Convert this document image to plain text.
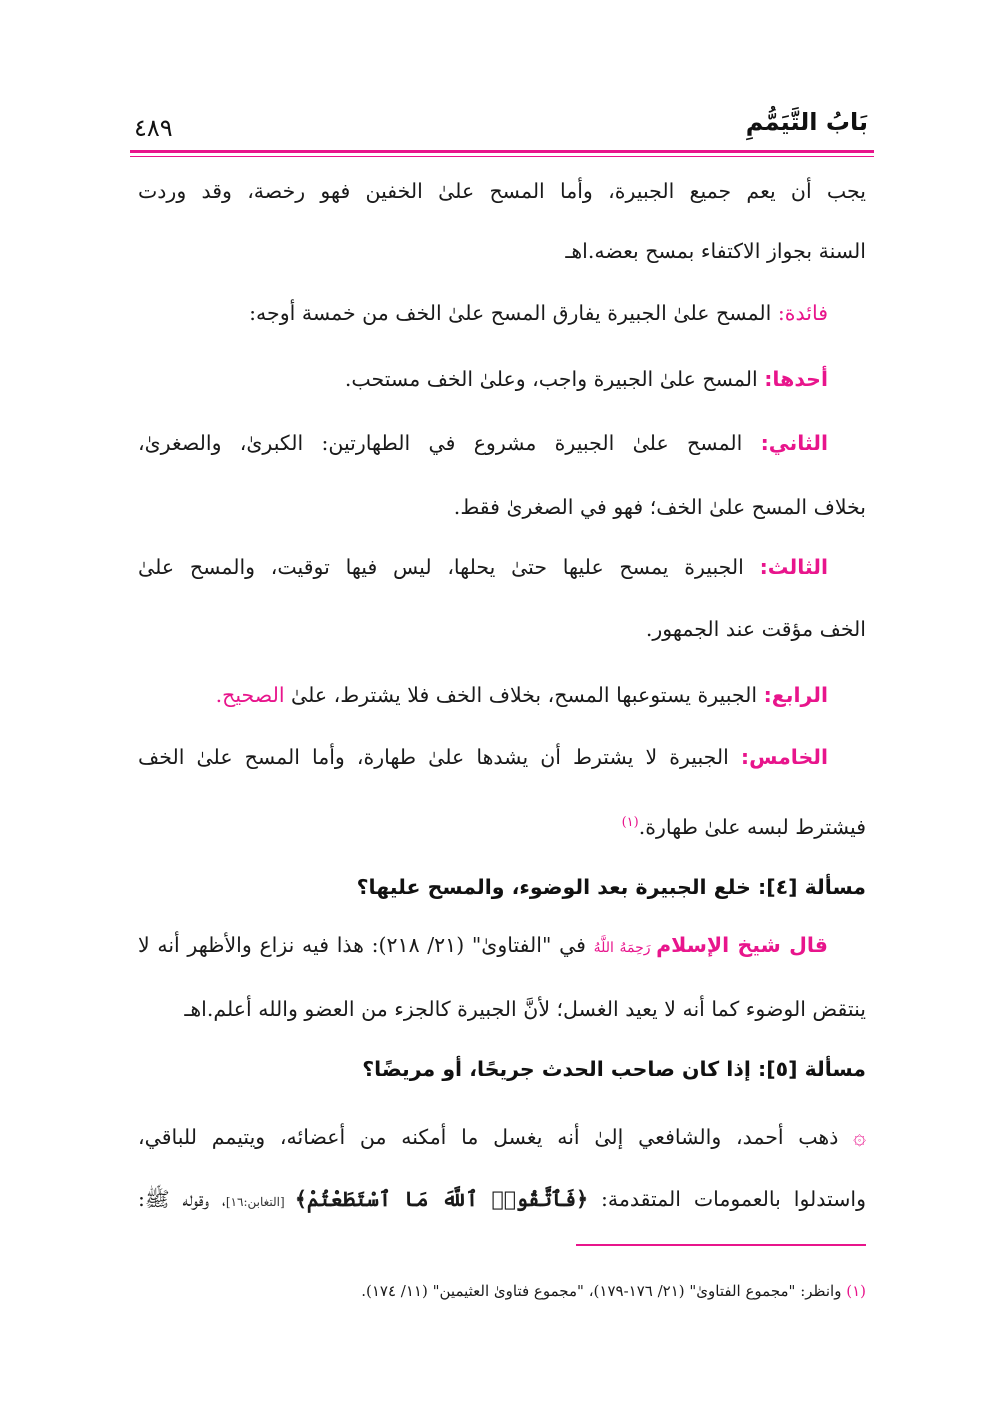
بَابُ التَّيَمُّمِ
٤٨٩
يجب أن يعم جميع الجبيرة، وأما المسح علىٰ الخفين فهو رخصة، وقد وردت
السنة بجواز الاكتفاء بمسح بعضه.اهـ
فائدة: المسح علىٰ الجبيرة يفارق المسح علىٰ الخف من خمسة أوجه:
أحدها: المسح علىٰ الجبيرة واجب، وعلىٰ الخف مستحب.
الثاني: المسح علىٰ الجبيرة مشروع في الطهارتين: الكبرىٰ، والصغرىٰ،
بخلاف المسح علىٰ الخف؛ فهو في الصغرىٰ فقط.
الثالث: الجبيرة يمسح عليها حتىٰ يحلها، ليس فيها توقيت، والمسح علىٰ
الخف مؤقت عند الجمهور.
الرابع: الجبيرة يستوعبها المسح، بخلاف الخف فلا يشترط، علىٰ الصحيح.
الخامس: الجبيرة لا يشترط أن يشدها علىٰ طهارة، وأما المسح علىٰ الخف
فيشترط لبسه علىٰ طهارة.$^{(١)}$
مسألة [٤]: خلع الجبيرة بعد الوضوء، والمسح عليها؟
قال شيخ الإسلام رَحِمَهُ اللَّهُ في "الفتاوىٰ" (٢١/ ٢١٨): هذا فيه نزاع والأظهر أنه لا
ينتقض الوضوء كما أنه لا يعيد الغسل؛ لأنَّ الجبيرة كالجزء من العضو والله أعلم.اهـ
مسألة [٥]: إذا كان صاحب الحدث جريحًا، أو مريضًا؟
۞ ذهب أحمد، والشافعي إلىٰ أنه يغسل ما أمكنه من أعضائه، ويتيمم للباقي،
واستدلوا بالعمومات المتقدمة: ﴿فَٱتَّقُوا۟ ٱللَّهَ مَا ٱسْتَطَعْتُمْ﴾ [التغابن:١٦]، وقوله ﷺ:
(١) وانظر: "مجموع الفتاوىٰ" (٢١/ ١٧٦-١٧٩)، "مجموع فتاوىٰ العثيمين" (١١/ ١٧٤).
